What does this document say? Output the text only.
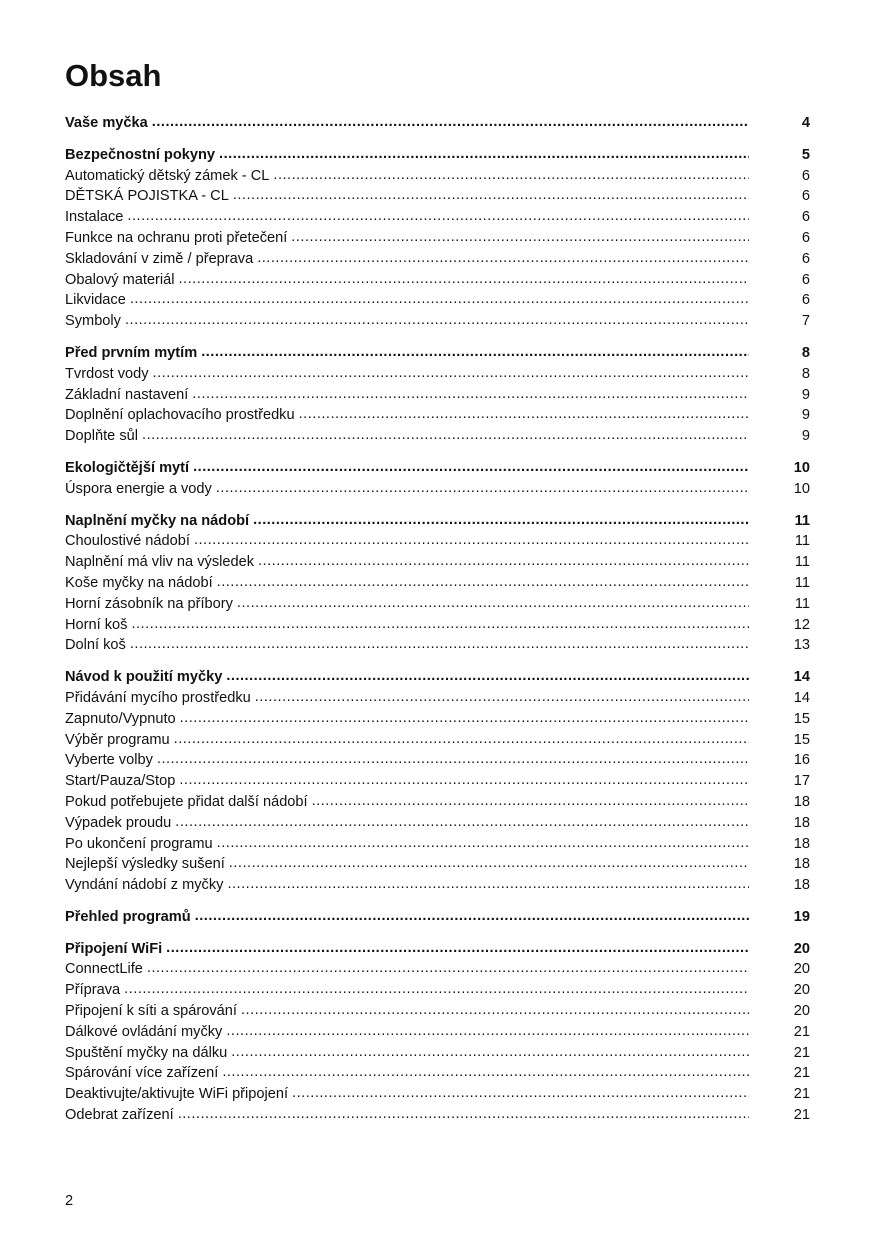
Obsah
Vaše myčka .....	4
Bezpečnostní pokyny .....	5
Automatický dětský zámek - CL .....	6
DĚTSKÁ POJISTKA - CL .....	6
Instalace .....	6
Funkce na ochranu proti přetečení .....	6
Skladování v zimě / přeprava .....	6
Obalový materiál .....	6
Likvidace .....	6
Symboly .....	7
Před prvním mytím .....	8
Tvrdost vody .....	8
Základní nastavení .....	9
Doplnění oplachovacího prostředku .....	9
Doplňte sůl .....	9
Ekologičtější mytí .....	10
Úspora energie a vody .....	10
Naplnění myčky na nádobí .....	11
Choulostivé nádobí .....	11
Naplnění má vliv na výsledek .....	11
Koše myčky na nádobí .....	11
Horní zásobník na příbory .....	11
Horní koš .....	12
Dolní koš .....	13
Návod k použití myčky .....	14
Přidávání mycího prostředku .....	14
Zapnuto/Vypnuto .....	15
Výběr programu .....	15
Vyberte volby .....	16
Start/Pauza/Stop .....	17
Pokud potřebujete přidat další nádobí .....	18
Výpadek proudu .....	18
Po ukončení programu .....	18
Nejlepší výsledky sušení .....	18
Vyndání nádobí z myčky .....	18
Přehled programů .....	19
Připojení WiFi .....	20
ConnectLife .....	20
Příprava .....	20
Připojení k síti a spárování .....	20
Dálkové ovládání myčky .....	21
Spuštění myčky na dálku .....	21
Spárování více zařízení .....	21
Deaktivujte/aktivujte WiFi připojení .....	21
Odebrat zařízení .....	21
2
